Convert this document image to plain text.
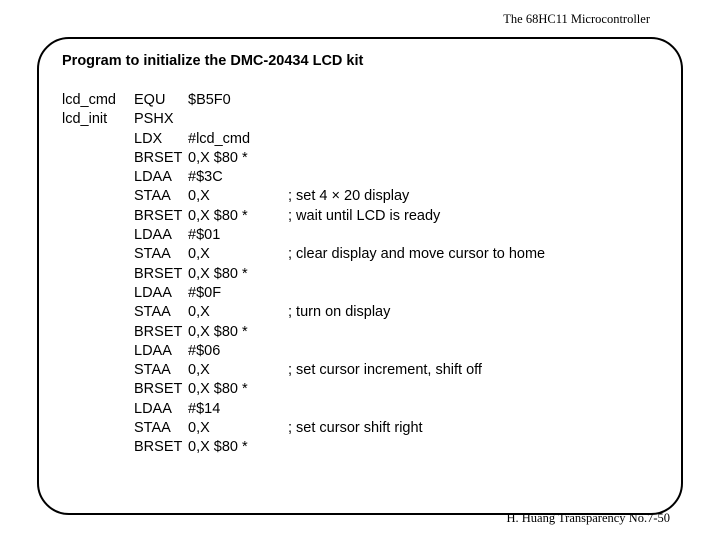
The 68HC11 Microcontroller
Program to initialize the DMC-20434 LCD kit
lcd_cmd EQU $B5F0
lcd_init PSHX
LDX #lcd_cmd
BRSET 0,X $80 *
LDAA #$3C
STAA 0,X	; set 4 × 20 display
BRSET 0,X $80 *	; wait until LCD is ready
LDAA #$01
STAA 0,X	; clear display and move cursor to home
BRSET 0,X $80 *
LDAA #$0F
STAA 0,X	; turn on display
BRSET 0,X $80 *
LDAA #$06
STAA 0,X	; set cursor increment, shift off
BRSET 0,X $80 *
LDAA #$14
STAA 0,X	; set cursor shift right
BRSET 0,X $80 *
H. Huang Transparency No.7-50
